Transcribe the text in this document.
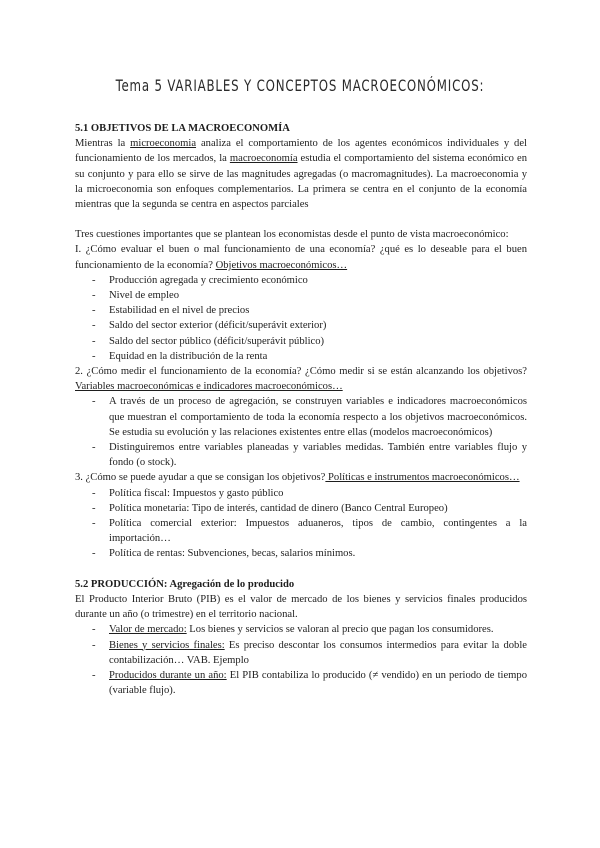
Tema 5 VARIABLES Y CONCEPTOS MACROECONÓMICOS:

5.1 OBJETIVOS DE LA MACROECONOMÍA

Mientras la microeconomia analiza el comportamiento de los agentes económicos individuales y del funcionamiento de los mercados, la macroeconomía estudia el comportamiento del sistema económico en su conjunto y para ello se sirve de las magnitudes agregadas (o macromagnitudes). La macroeconomia y la microeconomia son enfoques complementarios. La primera se centra en el conjunto de la economía mientras que la segunda se centra en aspectos parciales

Tres cuestiones importantes que se plantean los economistas desde el punto de vista macroeconómico:

I. ¿Cómo evaluar el buen o mal funcionamiento de una economía? ¿qué es lo deseable para el buen funcionamiento de la economía? Objetivos macroeconómicos…

- Producción agregada y crecimiento económico
- Nivel de empleo
- Estabilidad en el nivel de precios
- Saldo del sector exterior (déficit/superávit exterior)
- Saldo del sector público (déficit/superávit público)
- Equidad en la distribución de la renta

2. ¿Cómo medir el funcionamiento de la economía? ¿Cómo medir si se están alcanzando los objetivos? Variables macroeconómicas e indicadores macroeconómicos…

- A través de un proceso de agregación, se construyen variables e indicadores macroeconómicos que muestran el comportamiento de toda la economía respecto a los objetivos macroeconómicos. Se estudia su evolución y las relaciones existentes entre ellas (modelos macroeconómicos)
- Distinguiremos entre variables planeadas y variables medidas. También entre variables flujo y fondo (o stock).

3. ¿Cómo se puede ayudar a que se consigan los objetivos? Políticas e instrumentos macroeconómicos…

- Política fiscal: Impuestos y gasto público
- Política monetaria: Tipo de interés, cantidad de dinero (Banco Central Europeo)
- Política comercial exterior: Impuestos aduaneros, tipos de cambio, contingentes a la importación…
- Política de rentas: Subvenciones, becas, salarios mínimos.

5.2 PRODUCCIÓN: Agregación de lo producido

El Producto Interior Bruto (PIB) es el valor de mercado de los bienes y servicios finales producidos durante un año (o trimestre) en el territorio nacional.

- Valor de mercado: Los bienes y servicios se valoran al precio que pagan los consumidores.
- Bienes y servicios finales: Es preciso descontar los consumos intermedios para evitar la doble contabilización… VAB. Ejemplo
- Producidos durante un año: El PIB contabiliza lo producido (≠ vendido) en un periodo de tiempo (variable flujo).
